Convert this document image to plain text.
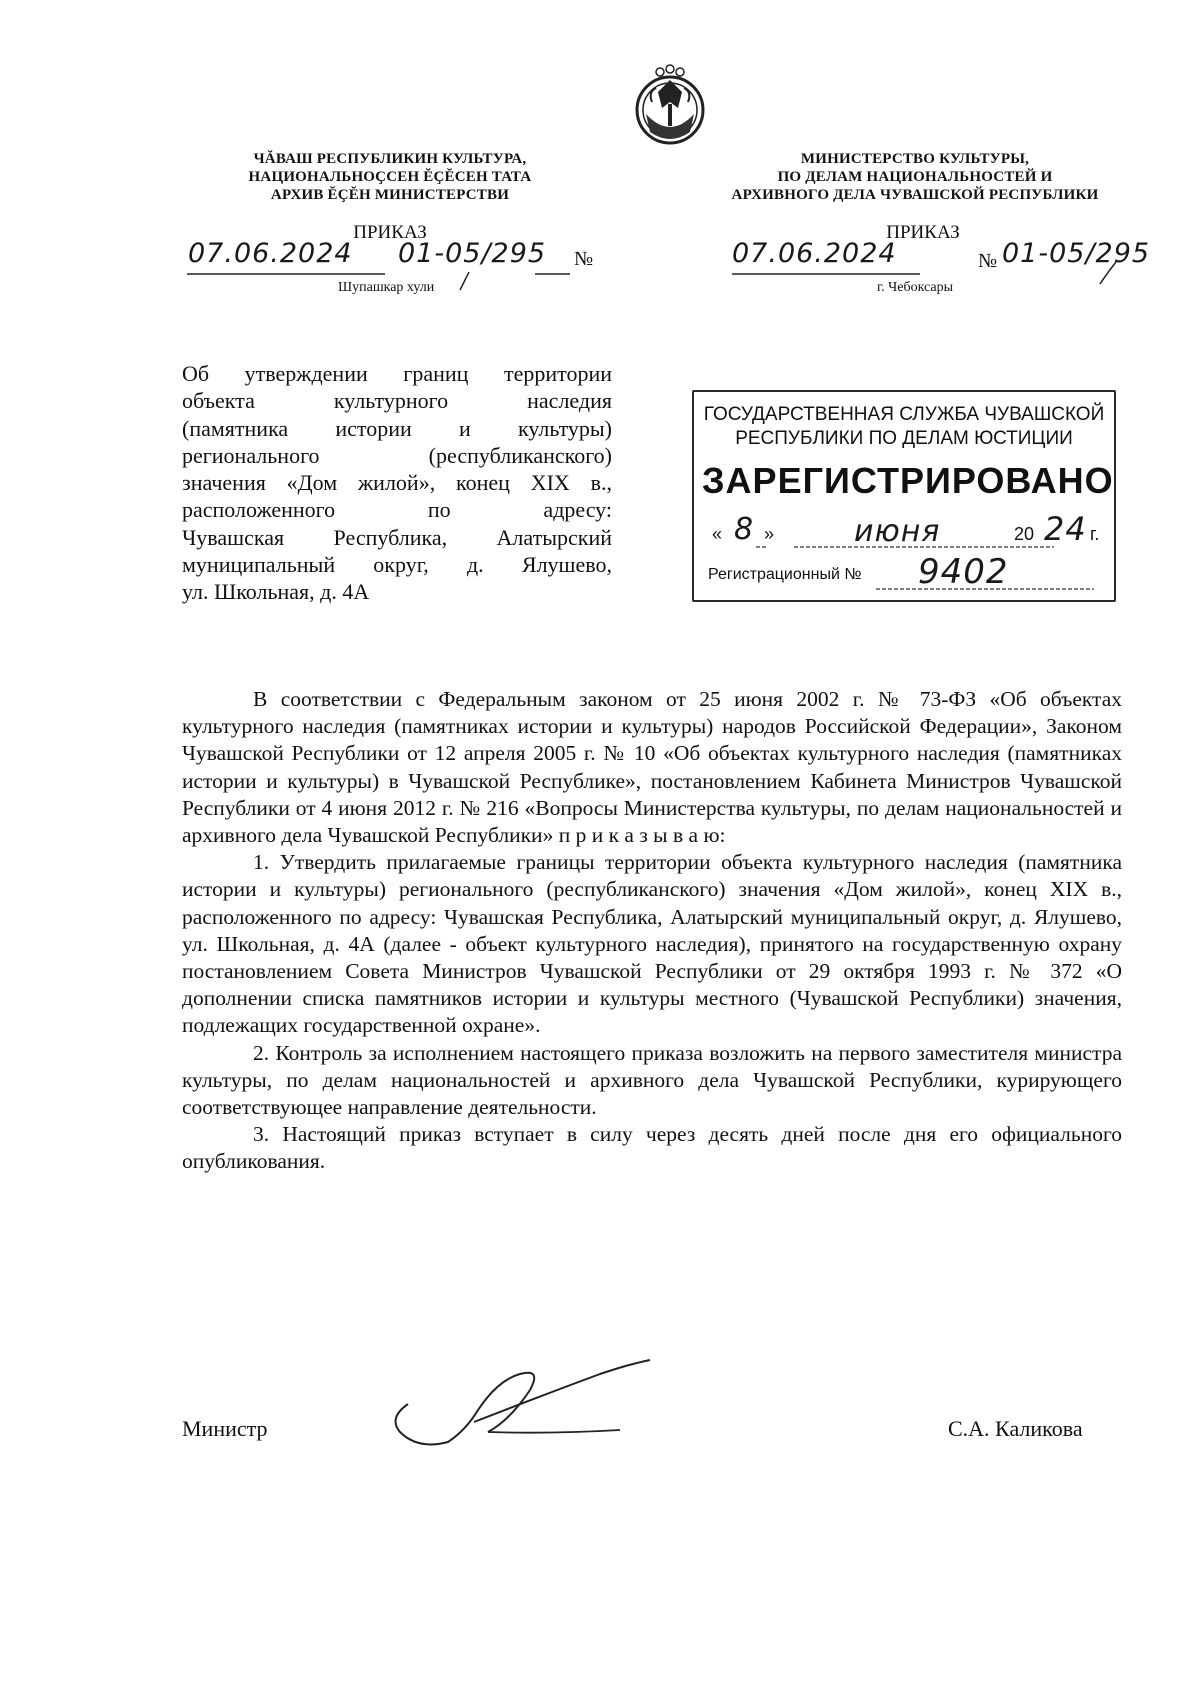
ЧĂВАШ РЕСПУБЛИКИН КУЛЬТУРА,
НАЦИОНАЛЬНОҪСЕН ĔҪĔСЕН ТАТА
АРХИВ ĔҪĔН МИНИСТЕРСТВИ
ПРИКАЗ
07.06.2024 01-05/295 №
Шупашкар хули
МИНИСТЕРСТВО КУЛЬТУРЫ,
ПО ДЕЛАМ НАЦИОНАЛЬНОСТЕЙ И
АРХИВНОГО ДЕЛА ЧУВАШСКОЙ РЕСПУБЛИКИ
ПРИКАЗ
07.06.2024	№ 01-05/295
г. Чебоксары
Об утверждении границ территории
объекта культурного наследия
(памятника истории и культуры)
регионального (республиканского)
значения «Дом жилой», конец XIX в.,
расположенного по адресу:
Чувашская Республика, Алатырский
муниципальный округ, д. Ялушево,
ул. Школьная, д. 4А
ГОСУДАРСТВЕННАЯ СЛУЖБА ЧУВАШСКОЙ
РЕСПУБЛИКИ ПО ДЕЛАМ ЮСТИЦИИ
ЗАРЕГИСТРИРОВАНО
« 8 »	июня	20 24 г.
Регистрационный № 9402

В соответствии с Федеральным законом от 25 июня 2002 г. № 73-ФЗ «Об объектах культурного наследия (памятниках истории и культуры) народов Российской Федерации», Законом Чувашской Республики от 12 апреля 2005 г. № 10 «Об объектах культурного наследия (памятниках истории и культуры) в Чувашской Республике», постановлением Кабинета Министров Чувашской Республики от 4 июня 2012 г. № 216 «Вопросы Министерства культуры, по делам национальностей и архивного дела Чувашской Республики» п р и к а з ы в а ю:

1. Утвердить прилагаемые границы территории объекта культурного наследия (памятника истории и культуры) регионального (республиканского) значения «Дом жилой», конец XIX в., расположенного по адресу: Чувашская Республика, Алатырский муниципальный округ, д. Ялушево, ул. Школьная, д. 4А (далее - объект культурного наследия), принятого на государственную охрану постановлением Совета Министров Чувашской Республики от 29 октября 1993 г. № 372 «О дополнении списка памятников истории и культуры местного (Чувашской Республики) значения, подлежащих государственной охране».

2. Контроль за исполнением настоящего приказа возложить на первого заместителя министра культуры, по делам национальностей и архивного дела Чувашской Республики, курирующего соответствующее направление деятельности.

3. Настоящий приказ вступает в силу через десять дней после дня его официального опубликования.

Министр	С.А. Каликова
